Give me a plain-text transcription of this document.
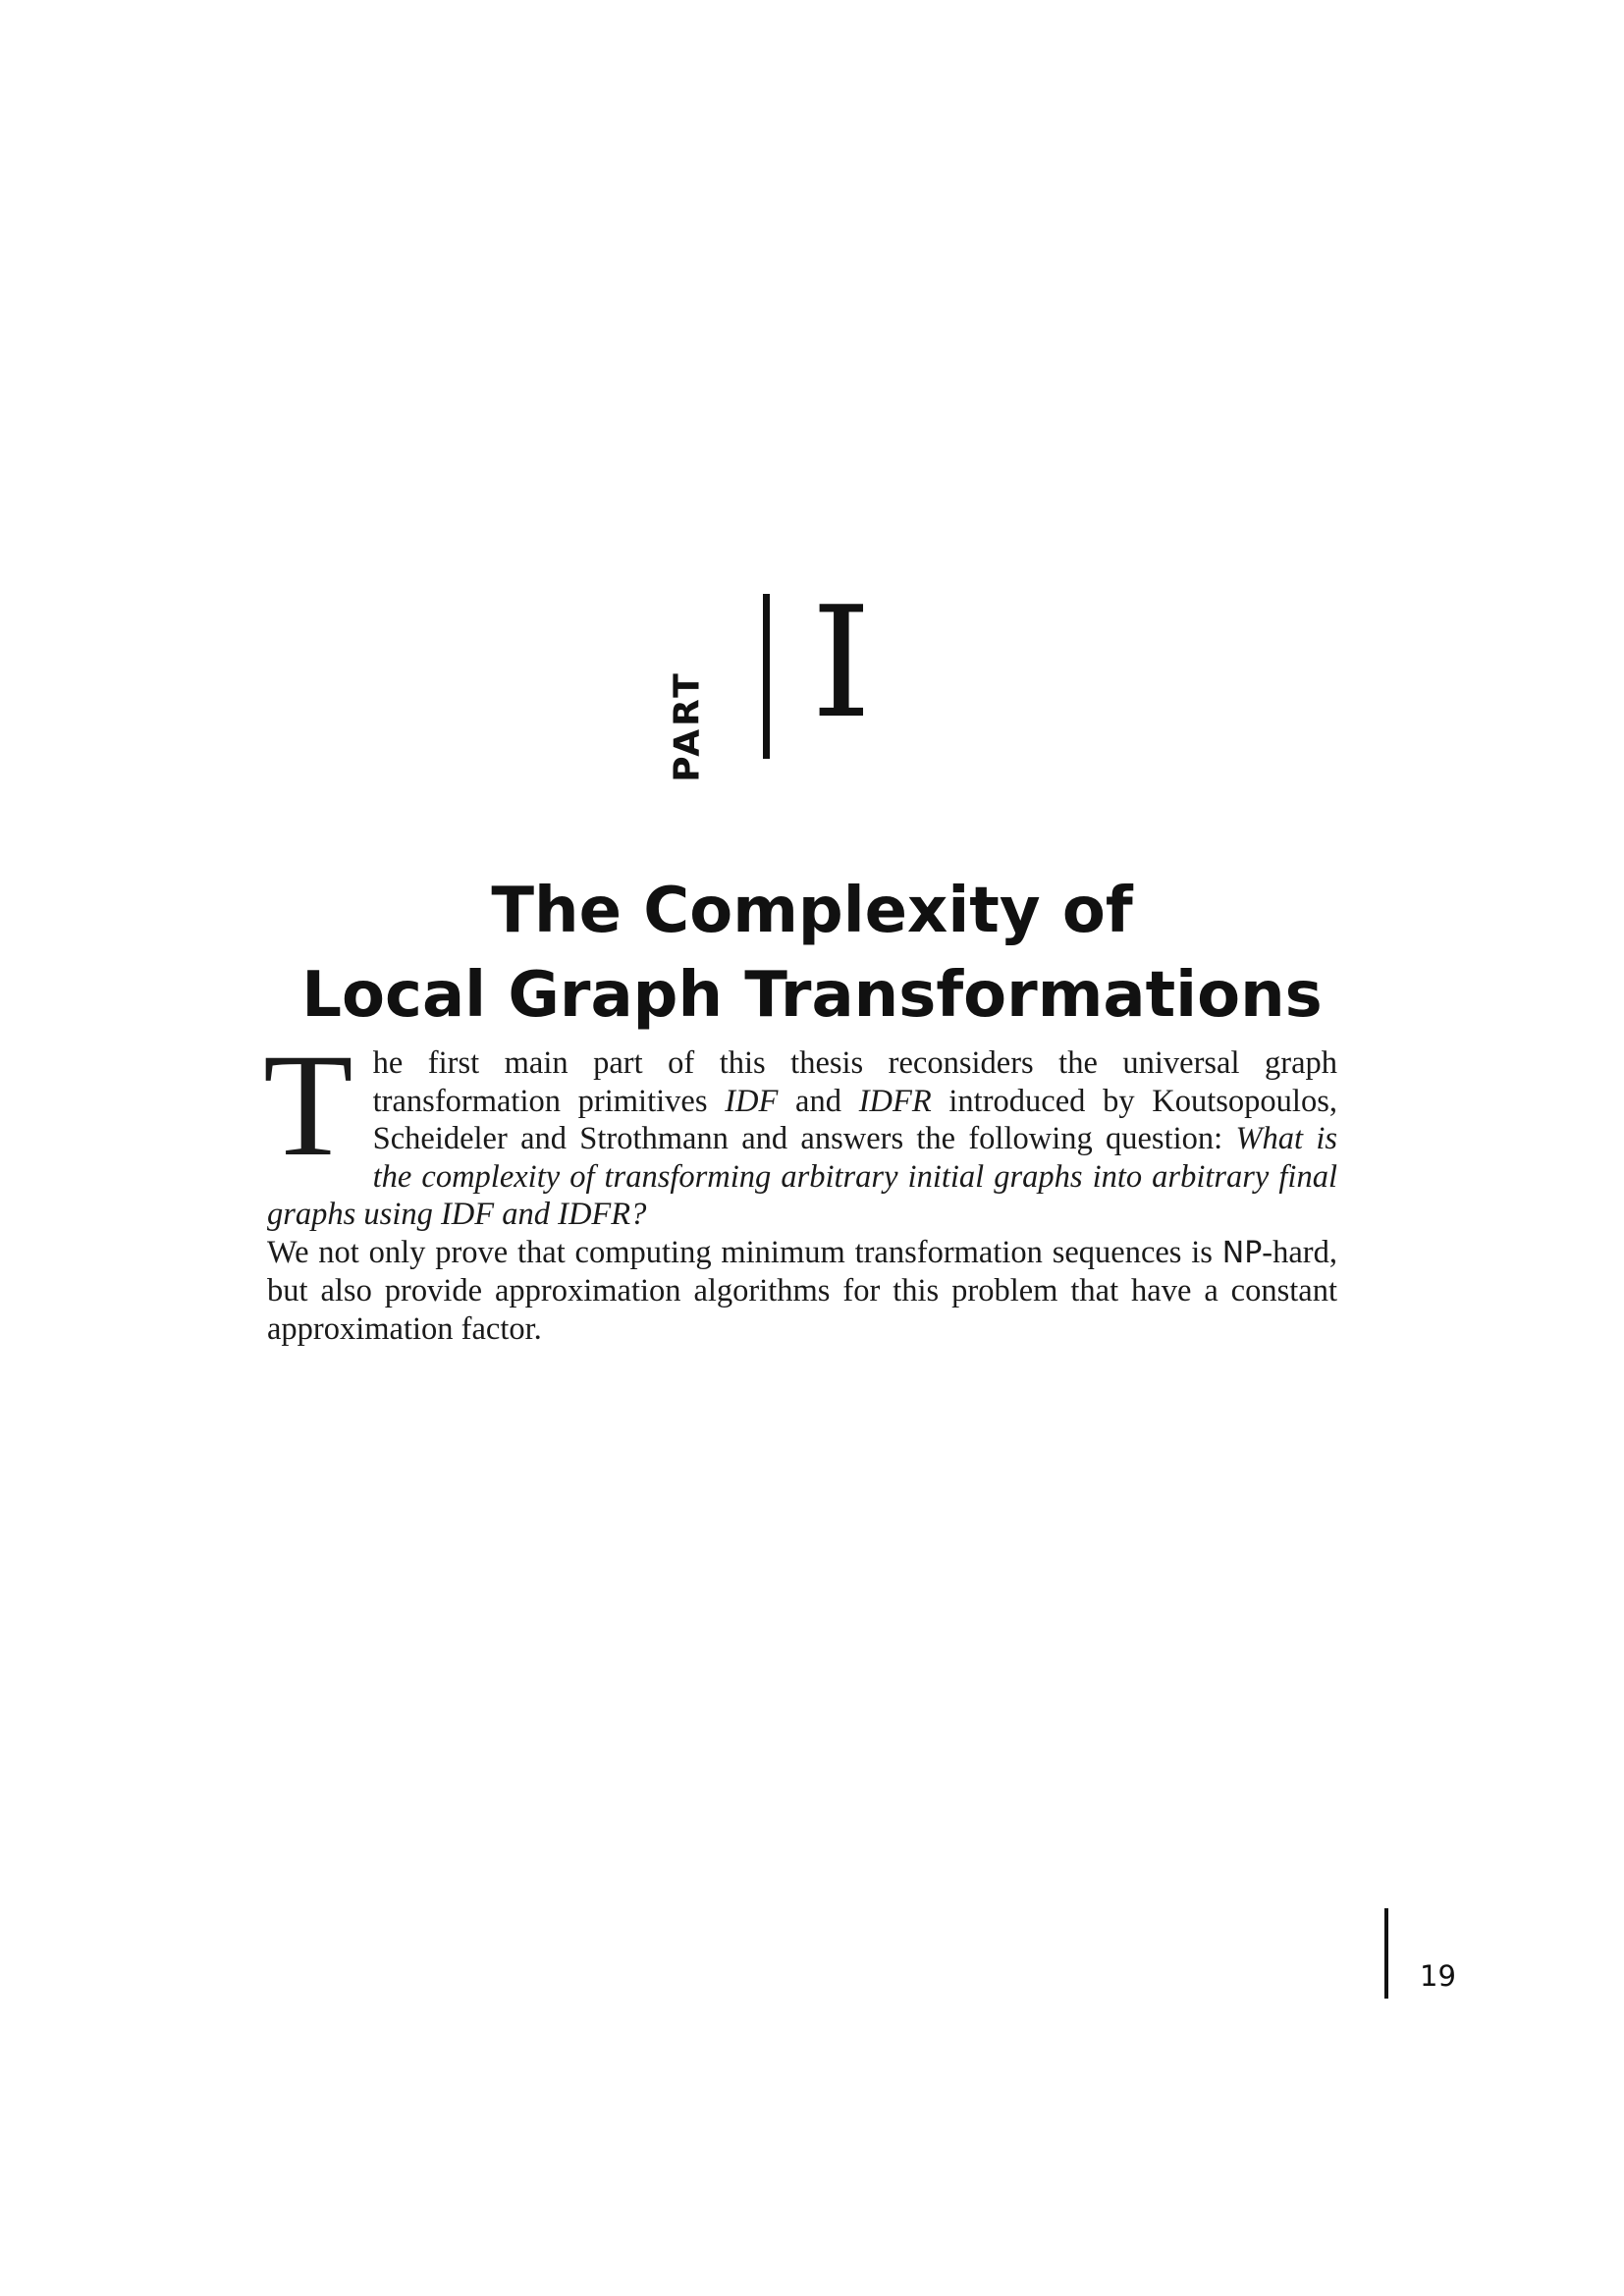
PART I
The Complexity of
Local Graph Transformations
T he first main part of this thesis reconsiders the universal graph transformation primitives IDF and IDFR introduced by Koutsopoulos, Scheideler and Strothmann and answers the following question: What is the complexity of transforming arbitrary initial graphs into arbitrary final graphs using IDF and IDFR?

We not only prove that computing minimum transformation sequences is NP-hard, but also provide approximation algorithms for this problem that have a constant approximation factor.

19
